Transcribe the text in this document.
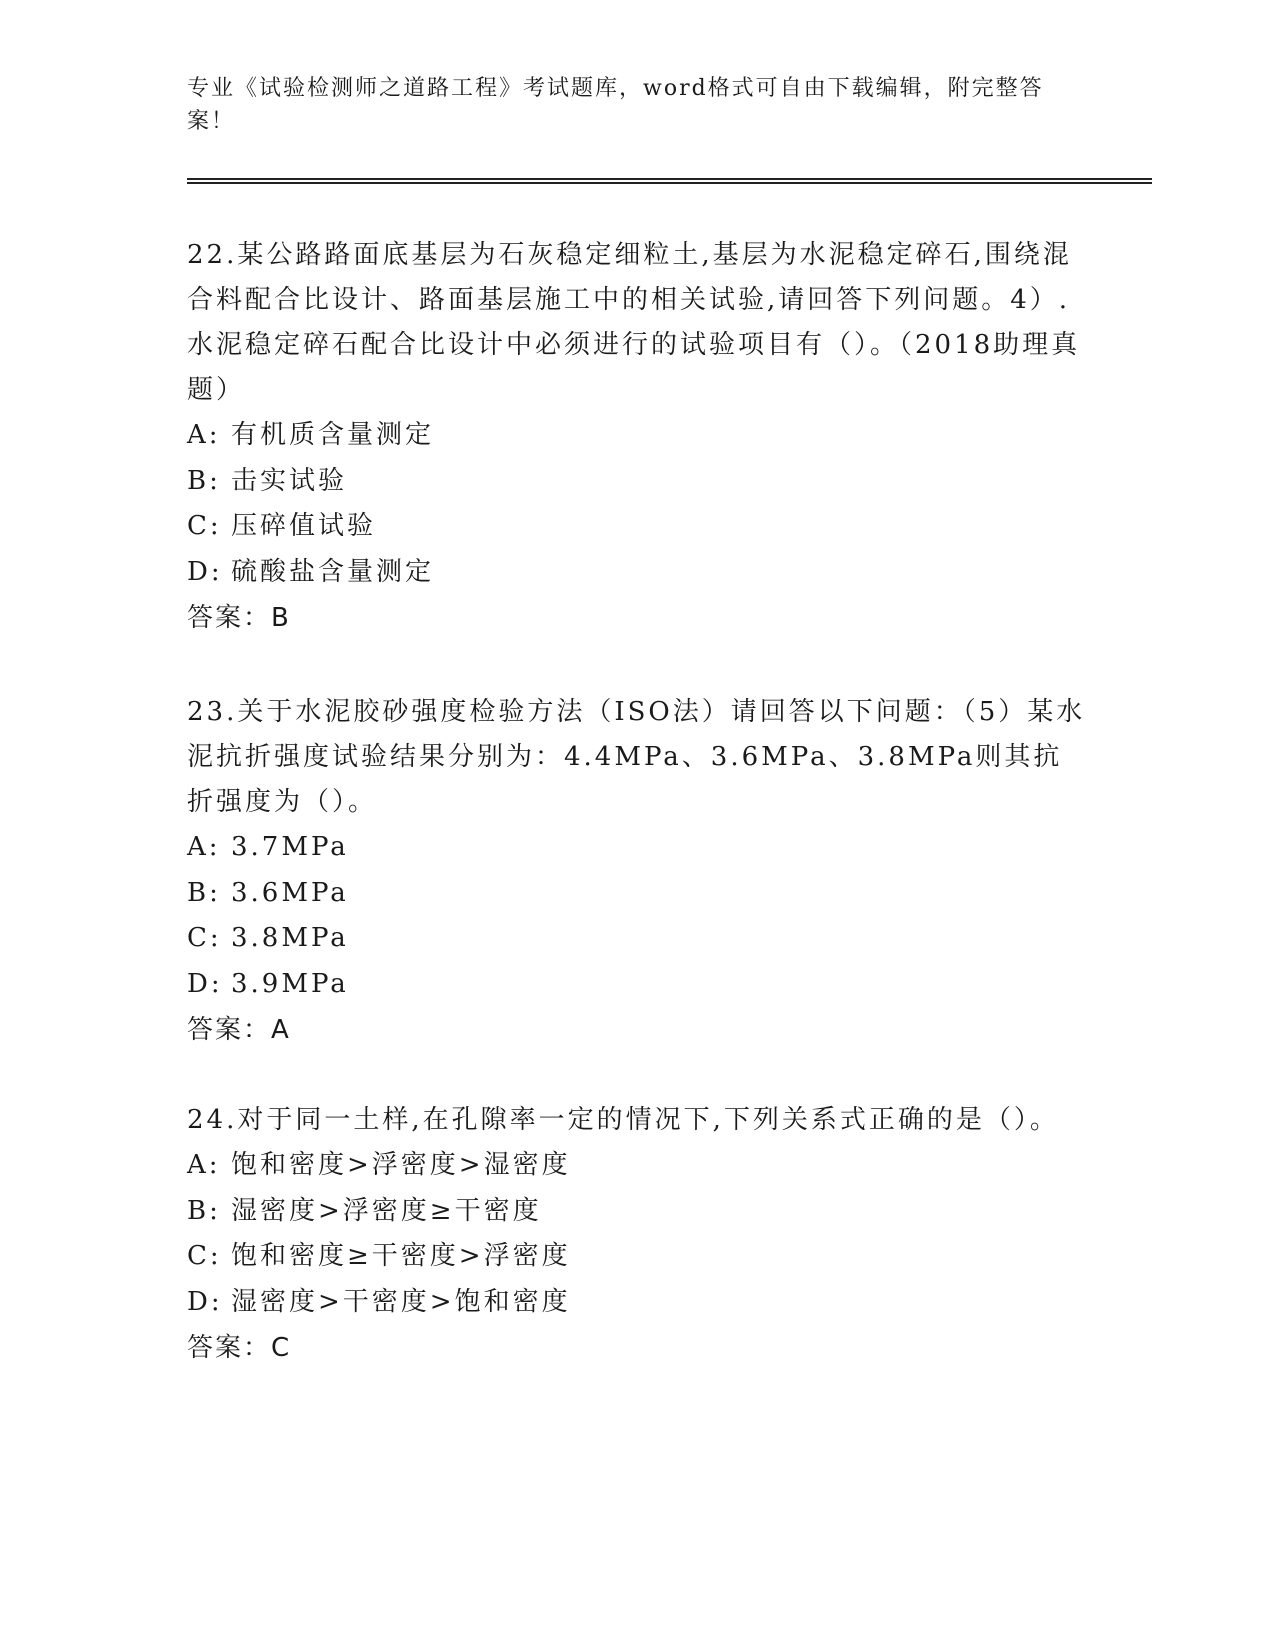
专业《试验检测师之道路工程》考试题库，word格式可自由下载编辑，附完整答案！

22.某公路路面底基层为石灰稳定细粒土,基层为水泥稳定碎石,围绕混合料配合比设计、路面基层施工中的相关试验,请回答下列问题。4）.水泥稳定碎石配合比设计中必须进行的试验项目有（）。（2018助理真题）

A: 有机质含量测定

B: 击实试验

C: 压碎值试验

D: 硫酸盐含量测定

答案：B

23.关于水泥胶砂强度检验方法（ISO法）请回答以下问题：（5）某水泥抗折强度试验结果分别为：4.4MPa、3.6MPa、3.8MPa则其抗折强度为（）。

A: 3.7MPa

B: 3.6MPa

C: 3.8MPa

D: 3.9MPa

答案：A

24.对于同一土样,在孔隙率一定的情况下,下列关系式正确的是（）。

A: 饱和密度>浮密度>湿密度

B: 湿密度>浮密度≥干密度

C: 饱和密度≥干密度>浮密度

D: 湿密度>干密度>饱和密度

答案：C
